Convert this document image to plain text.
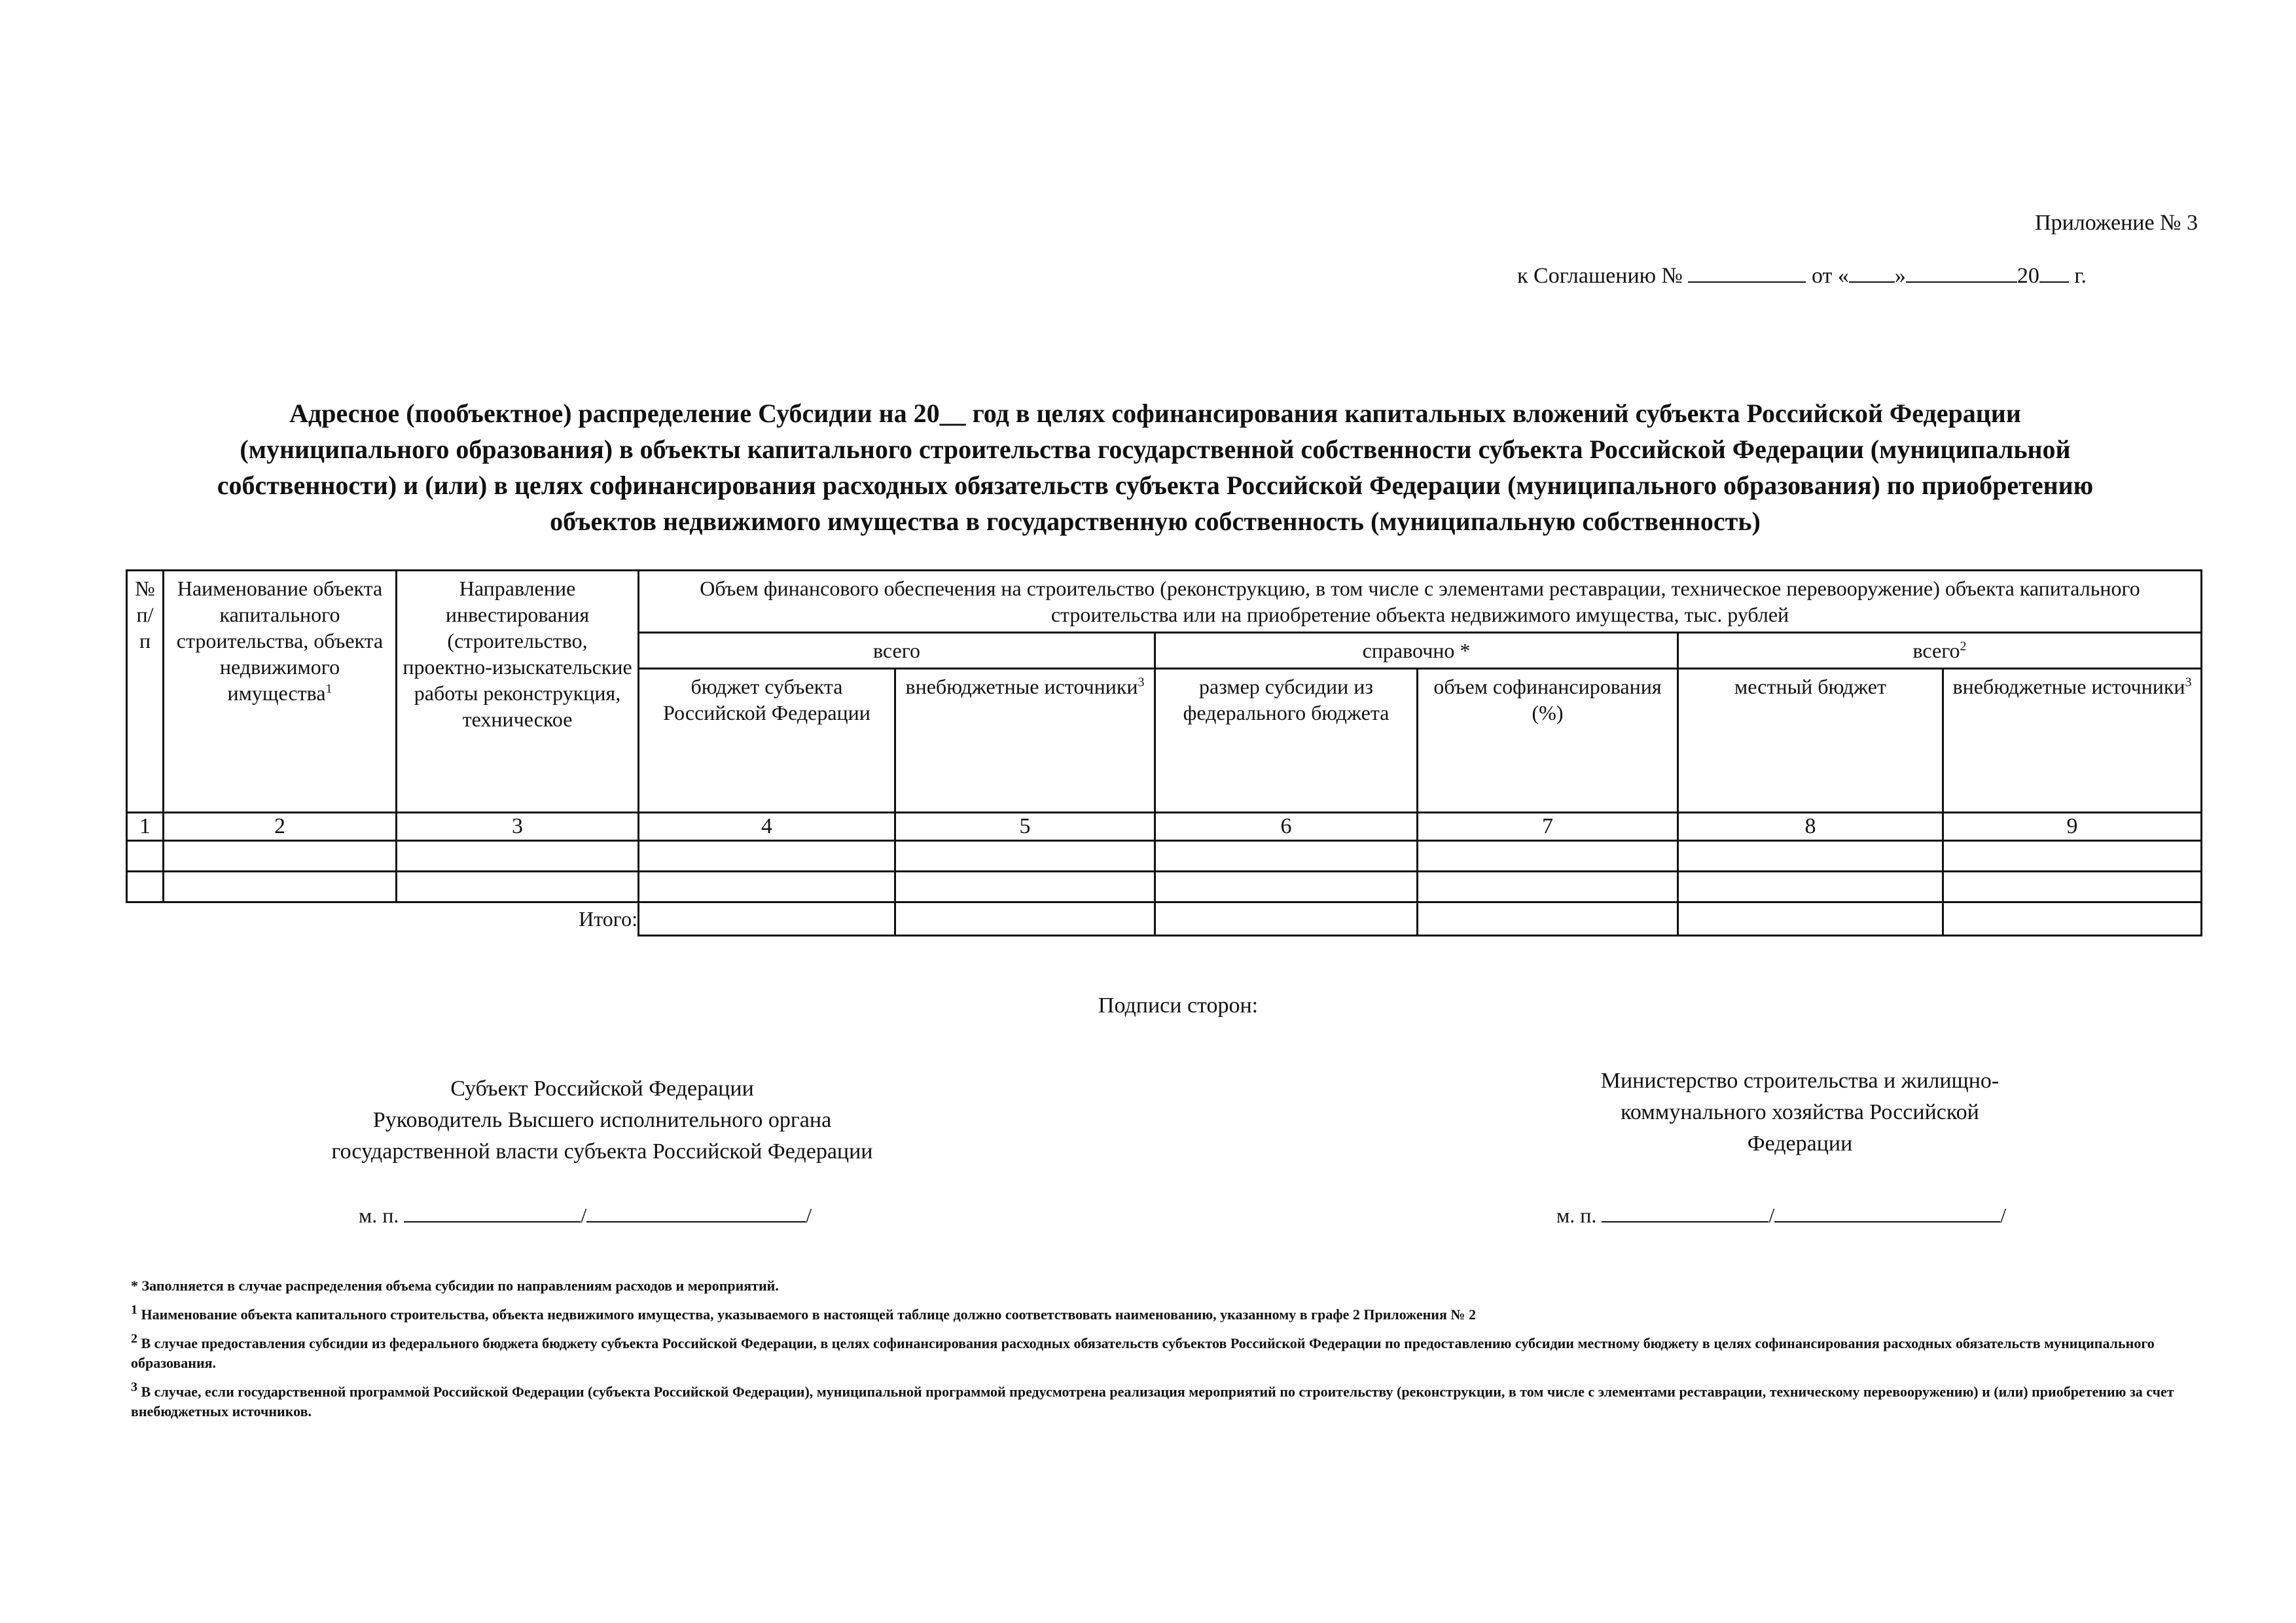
Приложение № 3
к Соглашению №	от « »	20 г.
Адресное (пообъектное) распределение Субсидии на 20__ год в целях софинансирования капитальных вложений субъекта Российской Федерации
(муниципального образования) в объекты капитального строительства государственной собственности субъекта Российской Федерации (муниципальной
собственности) и (или) в целях софинансирования расходных обязательств субъекта Российской Федерации (муниципального образования) по приобретению
объектов недвижимого имущества в государственную собственность (муниципальную собственность)
№ п/п	Наименование объекта капитального строительства, объекта недвижимого имущества$^1$	Направление инвестирования (строительство, проектно-изыскательские работы реконструкция, техническое	Объем финансового обеспечения на строительство (реконструкцию, в том числе с элементами реставрации, техническое перевооружение) объекта капитального строительства или на приобретение объекта недвижимого имущества, тыс. рублей					
			всего		справочно *		всего$^2$
			бюджет субъекта Российской Федерации	внебюджетные источники$^3$	размер субсидии из федерального бюджета	объем софинансирования (%)	местный бюджет	внебюджетные источники$^3$
1	2	3	4	5	6	7	8	9

Итого:								
Подписи сторон:
Субъект Российской Федерации
Руководитель Высшего исполнительного органа
государственной власти субъекта Российской Федерации
Министерство строительства и жилищно-
коммунального хозяйства Российской
Федерации
м. п.	/	/	м. п.	/	/

* Заполняется в случае распределения объема субсидии по направлениям расходов и мероприятий.

$^1$ Наименование объекта капитального строительства, объекта недвижимого имущества, указываемого в настоящей таблице должно соответствовать наименованию, указанному в графе 2 Приложения № 2

$^2$ В случае предоставления субсидии из федерального бюджета бюджету субъекта Российской Федерации, в целях софинансирования расходных обязательств субъектов Российской Федерации по предоставлению субсидии местному бюджету в целях софинансирования расходных обязательств муниципального образования.

$^3$ В случае, если государственной программой Российской Федерации (субъекта Российской Федерации), муниципальной программой предусмотрена реализация мероприятий по строительству (реконструкции, в том числе с элементами реставрации, техническому перевооружению) и (или) приобретению за счет внебюджетных источников.
